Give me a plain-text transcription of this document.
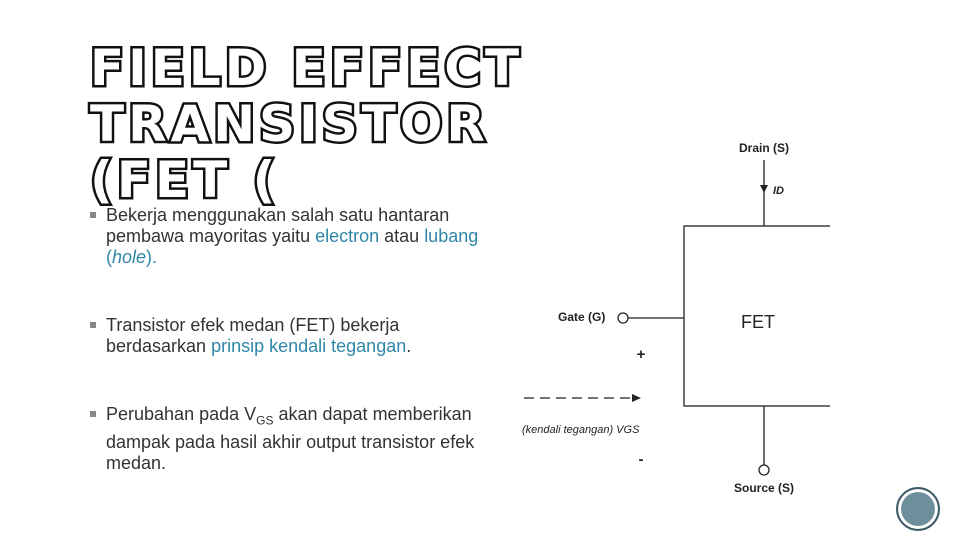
FIELD EFFECT TRANSISTOR
(FET (
Bekerja menggunakan salah satu hantaran pembawa mayoritas yaitu electron atau lubang (hole).
Transistor efek medan (FET) bekerja berdasarkan prinsip kendali tegangan.
Perubahan pada $V_{GS}$ akan dapat memberikan dampak pada hasil akhir output transistor efek medan.
Drain (S)
ID
FET
Gate (G)
+
(kendali tegangan) VGS
-
Source (S)
